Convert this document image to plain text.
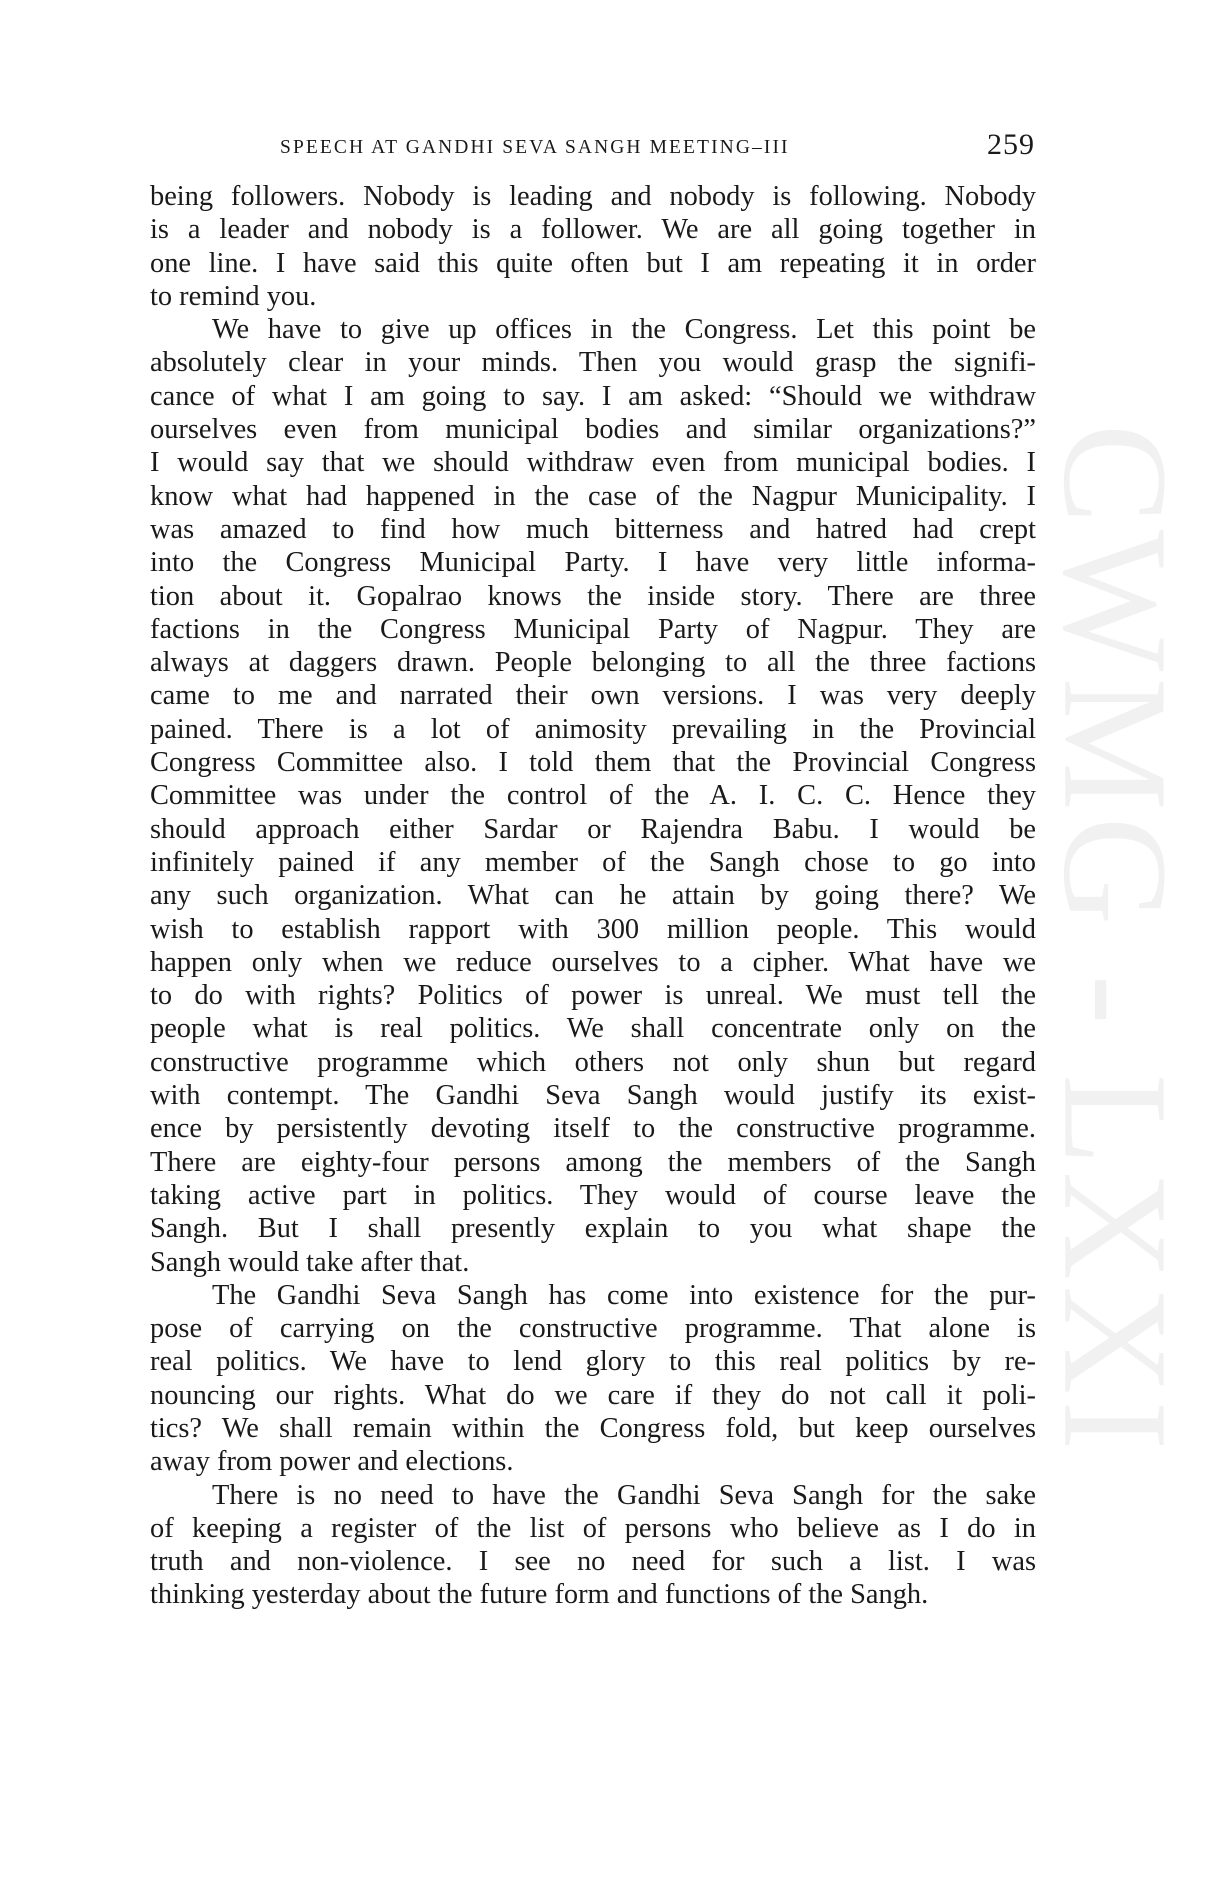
CWMG - LXXI
SPEECH AT GANDHI SEVA SANGH MEETING–III	259
being followers. Nobody is leading and nobody is following. Nobody
is a leader and nobody is a follower. We are all going together in
one line. I have said this quite often but I am repeating it in order
to remind you.
We have to give up offices in the Congress. Let this point be
absolutely clear in your minds. Then you would grasp the signifi-
cance of what I am going to say. I am asked: “Should we withdraw
ourselves even from municipal bodies and similar organizations?”
I would say that we should withdraw even from municipal bodies. I
know what had happened in the case of the Nagpur Municipality. I
was amazed to find how much bitterness and hatred had crept
into the Congress Municipal Party. I have very little informa-
tion about it. Gopalrao knows the inside story. There are three
factions in the Congress Municipal Party of Nagpur. They are
always at daggers drawn. People belonging to all the three factions
came to me and narrated their own versions. I was very deeply
pained. There is a lot of animosity prevailing in the Provincial
Congress Committee also. I told them that the Provincial Congress
Committee was under the control of the A. I. C. C. Hence they
should approach either Sardar or Rajendra Babu. I would be
infinitely pained if any member of the Sangh chose to go into
any such organization. What can he attain by going there? We
wish to establish rapport with 300 million people. This would
happen only when we reduce ourselves to a cipher. What have we
to do with rights? Politics of power is unreal. We must tell the
people what is real politics. We shall concentrate only on the
constructive programme which others not only shun but regard
with contempt. The Gandhi Seva Sangh would justify its exist-
ence by persistently devoting itself to the constructive programme.
There are eighty-four persons among the members of the Sangh
taking active part in politics. They would of course leave the
Sangh. But I shall presently explain to you what shape the
Sangh would take after that.
The Gandhi Seva Sangh has come into existence for the pur-
pose of carrying on the constructive programme. That alone is
real politics. We have to lend glory to this real politics by re-
nouncing our rights. What do we care if they do not call it poli-
tics? We shall remain within the Congress fold, but keep ourselves
away from power and elections.
There is no need to have the Gandhi Seva Sangh for the sake
of keeping a register of the list of persons who believe as I do in
truth and non-violence. I see no need for such a list. I was
thinking yesterday about the future form and functions of the Sangh.
